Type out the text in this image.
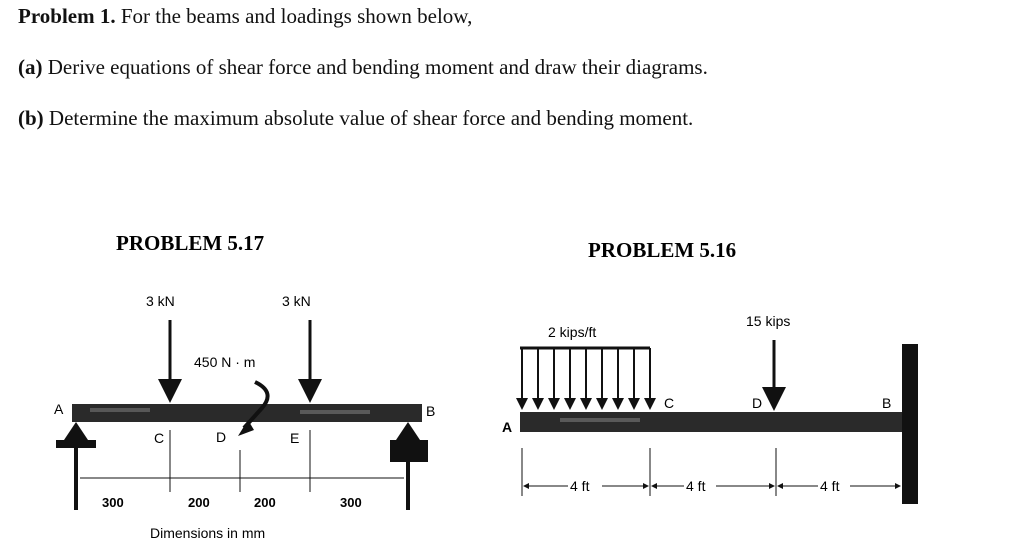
Problem 1. For the beams and loadings shown below,
(a) Derive equations of shear force and bending moment and draw their diagrams.
(b) Determine the maximum absolute value of shear force and bending moment.
PROBLEM 5.17
3 kN	3 kN
450 N · m
A	B
C	D	E
300	200	200	300
Dimensions in mm
PROBLEM 5.16
2 kips/ft
15 kips
A
C	D	B
4 ft	4 ft	4 ft
